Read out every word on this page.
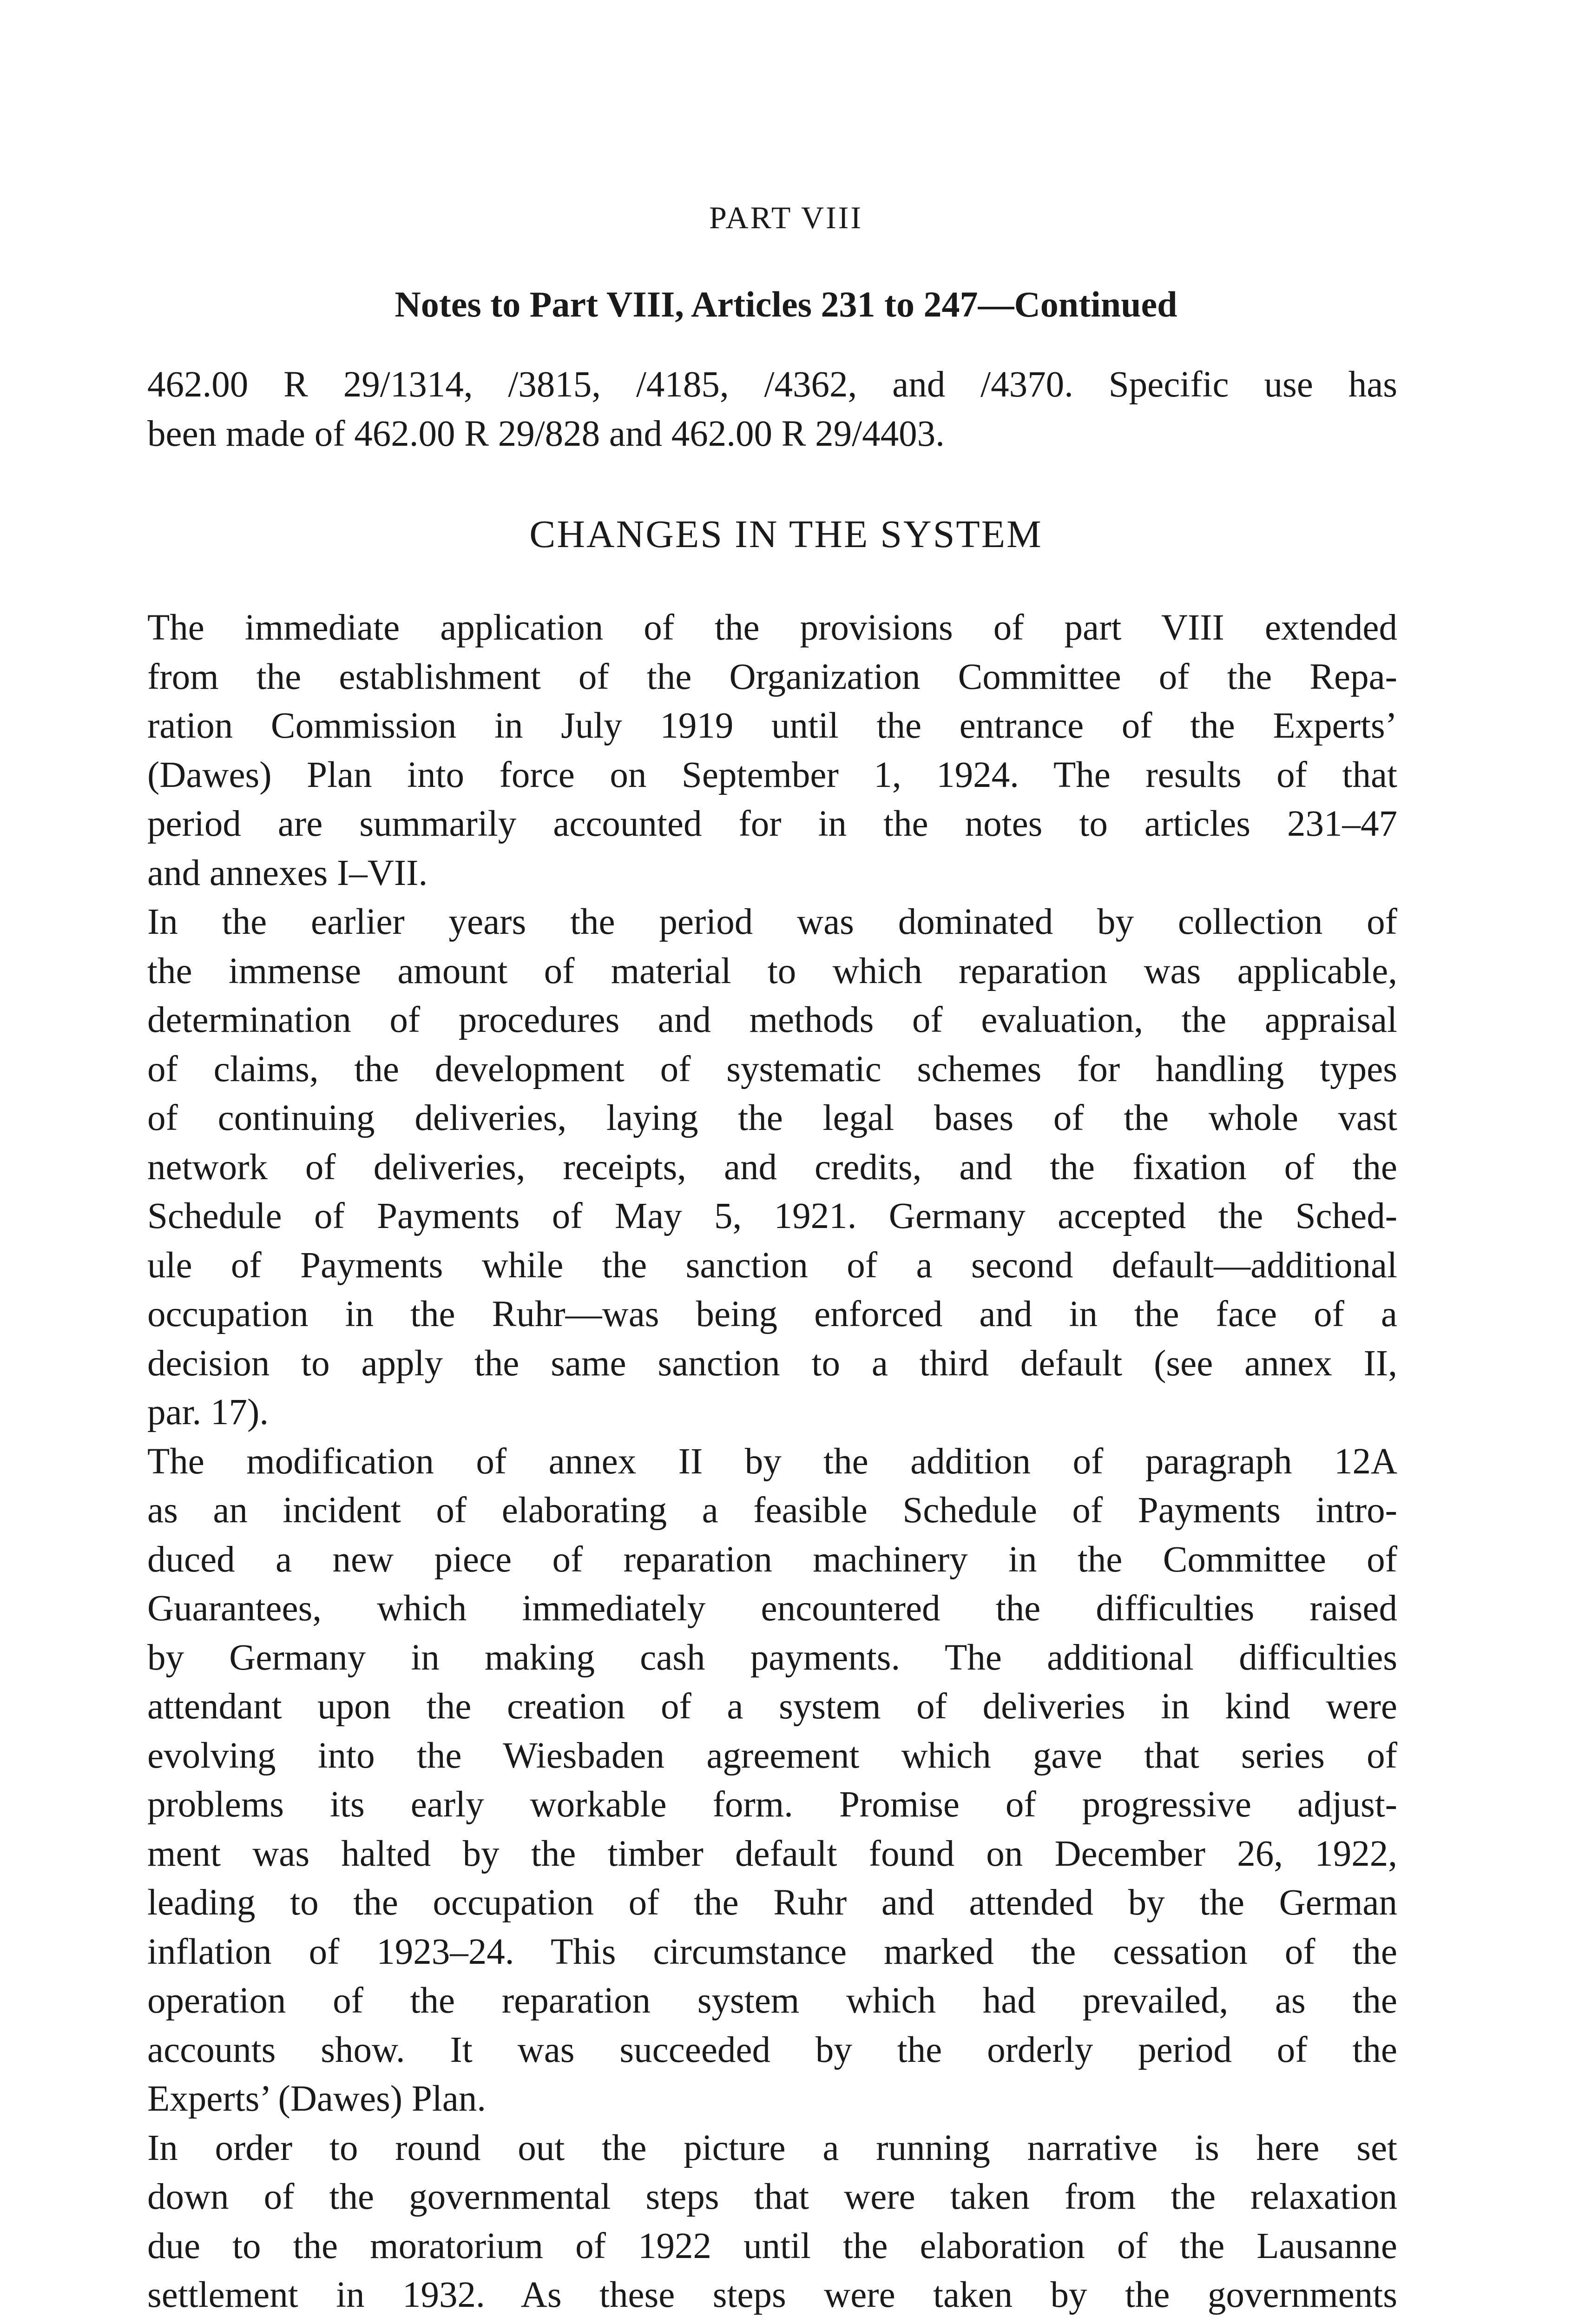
PART VIII
Notes to Part VIII, Articles 231 to 247—Continued
462.00 R 29/1314, /3815, /4185, /4362, and /4370. Specific use has
been made of 462.00 R 29/828 and 462.00 R 29/4403.
CHANGES IN THE SYSTEM
The immediate application of the provisions of part VIII extended
from the establishment of the Organization Committee of the Repa-
ration Commission in July 1919 until the entrance of the Experts’
(Dawes) Plan into force on September 1, 1924. The results of that
period are summarily accounted for in the notes to articles 231–47
and annexes I–VII.
In the earlier years the period was dominated by collection of
the immense amount of material to which reparation was applicable,
determination of procedures and methods of evaluation, the appraisal
of claims, the development of systematic schemes for handling types
of continuing deliveries, laying the legal bases of the whole vast
network of deliveries, receipts, and credits, and the fixation of the
Schedule of Payments of May 5, 1921. Germany accepted the Sched-
ule of Payments while the sanction of a second default—additional
occupation in the Ruhr—was being enforced and in the face of a
decision to apply the same sanction to a third default (see annex II,
par. 17).
The modification of annex II by the addition of paragraph 12A
as an incident of elaborating a feasible Schedule of Payments intro-
duced a new piece of reparation machinery in the Committee of
Guarantees, which immediately encountered the difficulties raised
by Germany in making cash payments. The additional difficulties
attendant upon the creation of a system of deliveries in kind were
evolving into the Wiesbaden agreement which gave that series of
problems its early workable form. Promise of progressive adjust-
ment was halted by the timber default found on December 26, 1922,
leading to the occupation of the Ruhr and attended by the German
inflation of 1923–24. This circumstance marked the cessation of the
operation of the reparation system which had prevailed, as the
accounts show. It was succeeded by the orderly period of the
Experts’ (Dawes) Plan.
In order to round out the picture a running narrative is here set
down of the governmental steps that were taken from the relaxation
due to the moratorium of 1922 until the elaboration of the Lausanne
settlement in 1932. As these steps were taken by the governments
